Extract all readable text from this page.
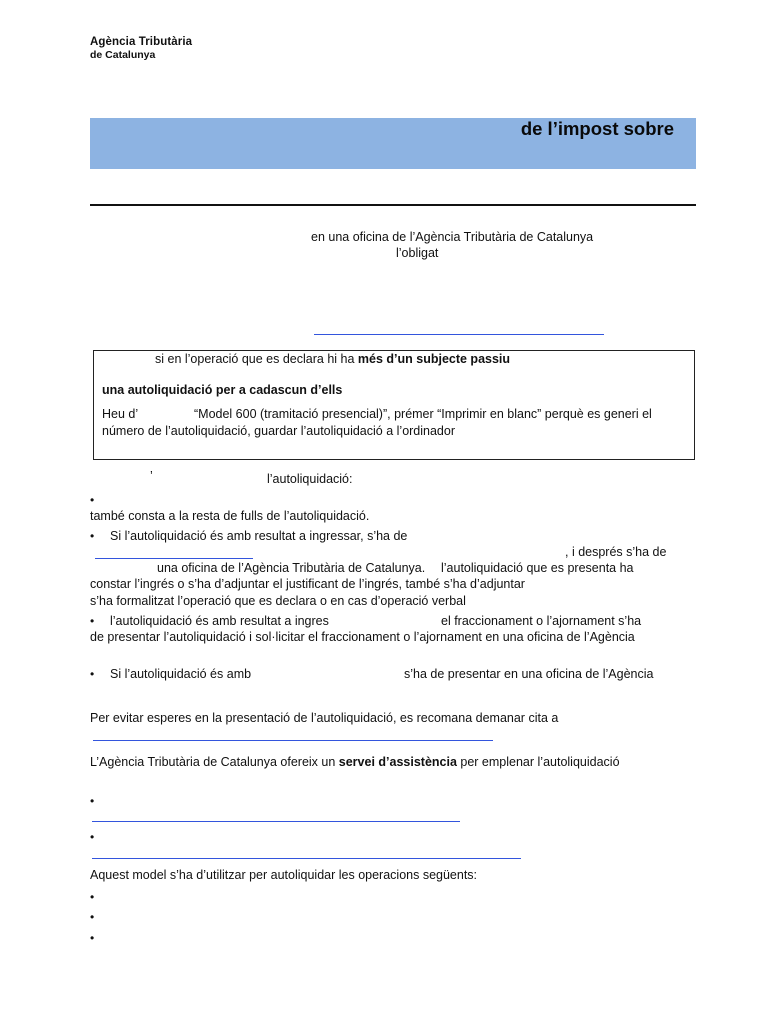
Agència Tributària
de Catalunya
de l’impost sobre
en una oficina de l’Agència Tributària de Catalunya
l’obligat
si en l’operació que es declara hi ha més d’un subjecte passiu
una autoliquidació per a cadascun d’ells
Heu d’	“Model 600 (tramitació presencial)”, prémer “Imprimir en blanc” perquè es generi el
número de l’autoliquidació, guardar l’autoliquidació a l’ordinador
’	l’autoliquidació:
•
també consta a la resta de fulls de l’autoliquidació.
• Si l’autoliquidació és amb resultat a ingressar, s’ha de
, i després s’ha de
una oficina de l’Agència Tributària de Catalunya. l’autoliquidació que es presenta ha
constar l’ingrés o s’ha d’adjuntar el justificant de l’ingrés, també s’ha d’adjuntar
s’ha formalitzat l’operació que es declara o en cas d’operació verbal
• l’autoliquidació és amb resultat a ingres	el fraccionament o l’ajornament s’ha
de presentar l’autoliquidació i sol·licitar el fraccionament o l’ajornament en una oficina de l’Agència
• Si l’autoliquidació és amb	s’ha de presentar en una oficina de l’Agència
Per evitar esperes en la presentació de l’autoliquidació, es recomana demanar cita a
L’Agència Tributària de Catalunya ofereix un servei d’assistència per emplenar l’autoliquidació
•
•
Aquest model s’ha d’utilitzar per autoliquidar les operacions següents:
•
•
•
